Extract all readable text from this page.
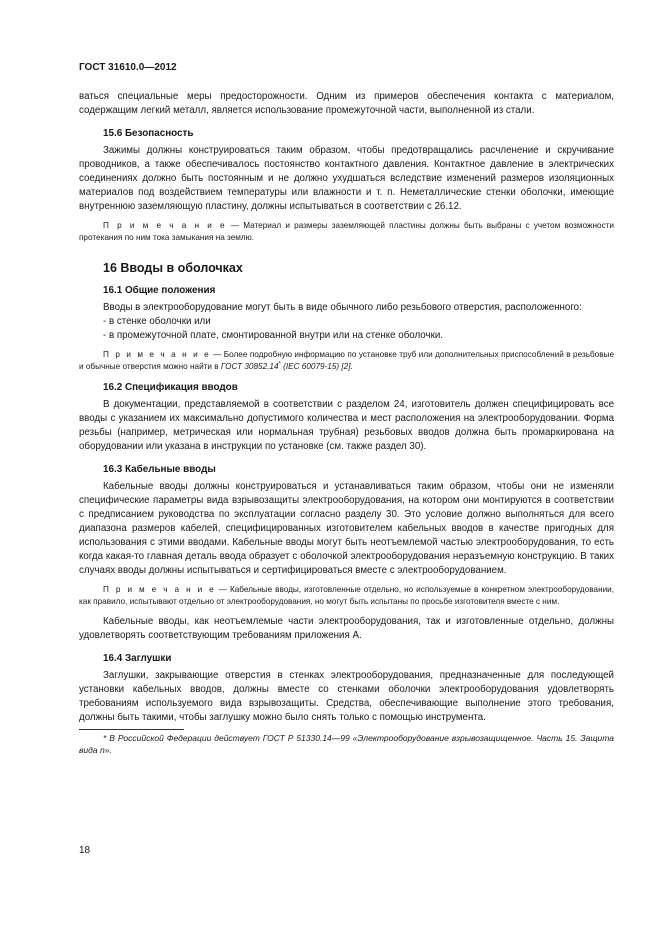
ГОСТ 31610.0—2012

ваться специальные меры предосторожности. Одним из примеров обеспечения контакта с материалом, содержащим легкий металл, является использование промежуточной части, выполненной из стали.

15.6 Безопасность

Зажимы должны конструироваться таким образом, чтобы предотвращались расчленение и скручивание проводников, а также обеспечивалось постоянство контактного давления. Контактное давление в электрических соединениях должно быть постоянным и не должно ухудшаться вследствие изменений размеров изоляционных материалов под воздействием температуры или влажности и т. п. Неметаллические стенки оболочки, имеющие внутреннюю заземляющую пластину, должны испытываться в соответствии с 26.12.

П р и м е ч а н и е — Материал и размеры заземляющей пластины должны быть выбраны с учетом возможности протекания по ним тока замыкания на землю.

16 Вводы в оболочках
16.1 Общие положения

Вводы в электрооборудование могут быть в виде обычного либо резьбового отверстия, расположенного:

- в стенке оболочки или

- в промежуточной плате, смонтированной внутри или на стенке оболочки.

П р и м е ч а н и е — Более подробную информацию по установке труб или дополнительных приспособлений в резьбовые и обычные отверстия можно найти в ГОСТ 30852.14* (IEC 60079-15) [2].

16.2 Спецификация вводов

В документации, представляемой в соответствии с разделом 24, изготовитель должен специфицировать все вводы с указанием их максимально допустимого количества и мест расположения на электрооборудовании. Форма резьбы (например, метрическая или нормальная трубная) резьбовых вводов должна быть промаркирована на оборудовании или указана в инструкции по установке (см. также раздел 30).

16.3 Кабельные вводы

Кабельные вводы должны конструироваться и устанавливаться таким образом, чтобы они не изменяли специфические параметры вида взрывозащиты электрооборудования, на котором они монтируются в соответствии с предписанием руководства по эксплуатации согласно разделу 30. Это условие должно выполняться для всего диапазона размеров кабелей, специфицированных изготовителем кабельных вводов в качестве пригодных для использования с этими вводами. Кабельные вводы могут быть неотъемлемой частью электрооборудования, то есть когда какая-то главная деталь ввода образует с оболочкой электрооборудования неразъемную конструкцию. В таких случаях вводы должны испытываться и сертифицироваться вместе с электрооборудованием.

П р и м е ч а н и е — Кабельные вводы, изготовленные отдельно, но используемые в конкретном электрооборудовании, как правило, испытывают отдельно от электрооборудования, но могут быть испытаны по просьбе изготовителя вместе с ним.

Кабельные вводы, как неотъемлемые части электрооборудования, так и изготовленные отдельно, должны удовлетворять соответствующим требованиям приложения А.

16.4 Заглушки

Заглушки, закрывающие отверстия в стенках электрооборудования, предназначенные для последующей установки кабельных вводов, должны вместе со стенками оболочки электрооборудования удовлетворять требованиям используемого вида взрывозащиты. Средства, обеспечивающие выполнение этого требования, должны быть такими, чтобы заглушку можно было снять только с помощью инструмента.

* В Российской Федерации действует ГОСТ Р 51330.14—99 «Электрооборудование взрывозащищенное. Часть 15. Защита вида n».

18
